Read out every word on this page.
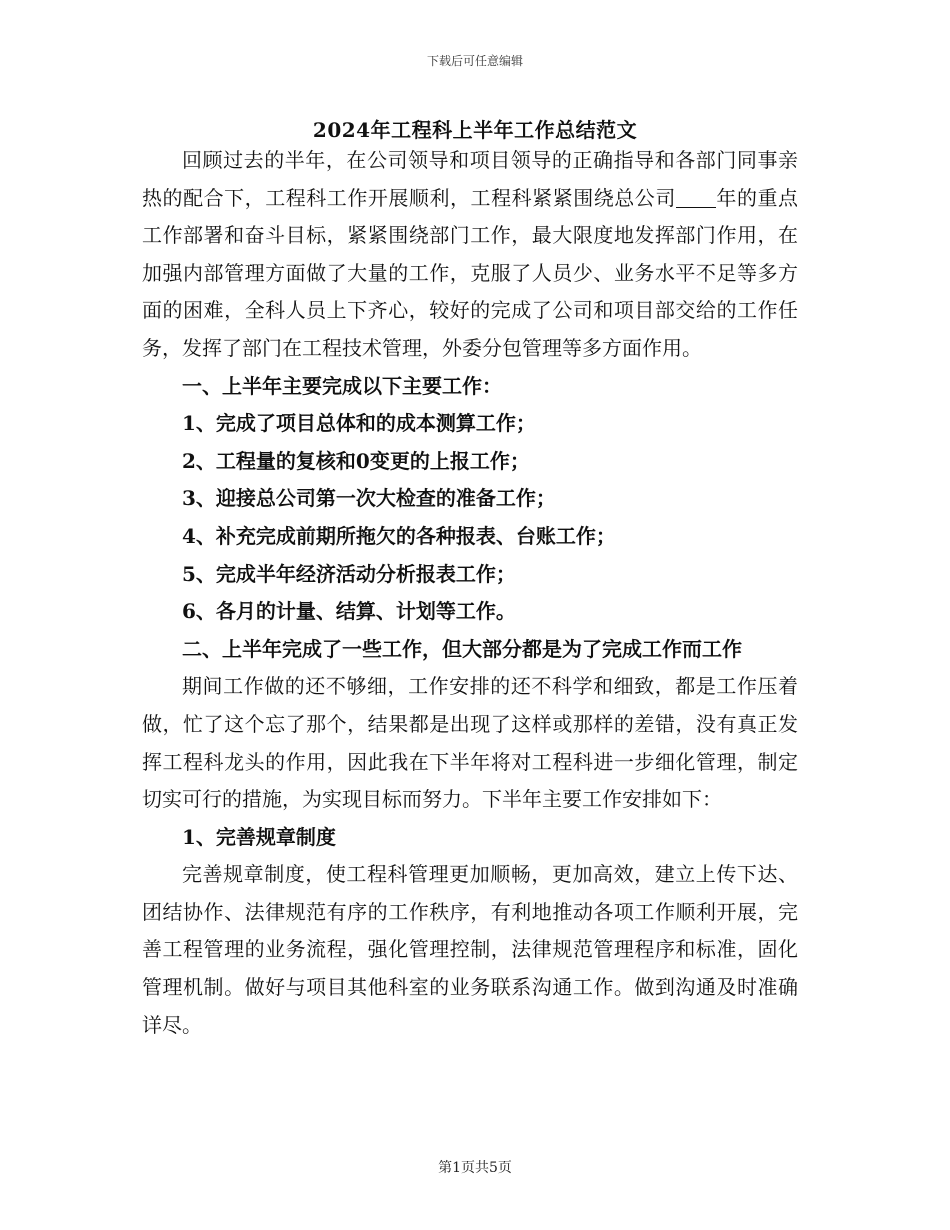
下载后可任意编辑
2024年工程科上半年工作总结范文

回顾过去的半年，在公司领导和项目领导的正确指导和各部门同事亲热的配合下，工程科工作开展顺利，工程科紧紧围绕总公司 年的重点工作部署和奋斗目标，紧紧围绕部门工作，最大限度地发挥部门作用，在加强内部管理方面做了大量的工作，克服了人员少、业务水平不足等多方面的困难，全科人员上下齐心，较好的完成了公司和项目部交给的工作任务，发挥了部门在工程技术管理，外委分包管理等多方面作用。

一、上半年主要完成以下主要工作：

1、完成了项目总体和的成本测算工作；

2、工程量的复核和0变更的上报工作；

3、迎接总公司第一次大检查的准备工作；

4、补充完成前期所拖欠的各种报表、台账工作；

5、完成半年经济活动分析报表工作；

6、各月的计量、结算、计划等工作。

二、上半年完成了一些工作，但大部分都是为了完成工作而工作

期间工作做的还不够细，工作安排的还不科学和细致，都是工作压着做，忙了这个忘了那个，结果都是出现了这样或那样的差错，没有真正发挥工程科龙头的作用，因此我在下半年将对工程科进一步细化管理，制定切实可行的措施，为实现目标而努力。下半年主要工作安排如下：

1、完善规章制度

完善规章制度，使工程科管理更加顺畅，更加高效，建立上传下达、团结协作、法律规范有序的工作秩序，有利地推动各项工作顺利开展，完善工程管理的业务流程，强化管理控制，法律规范管理程序和标准，固化管理机制。做好与项目其他科室的业务联系沟通工作。做到沟通及时准确详尽。

第1页共5页
